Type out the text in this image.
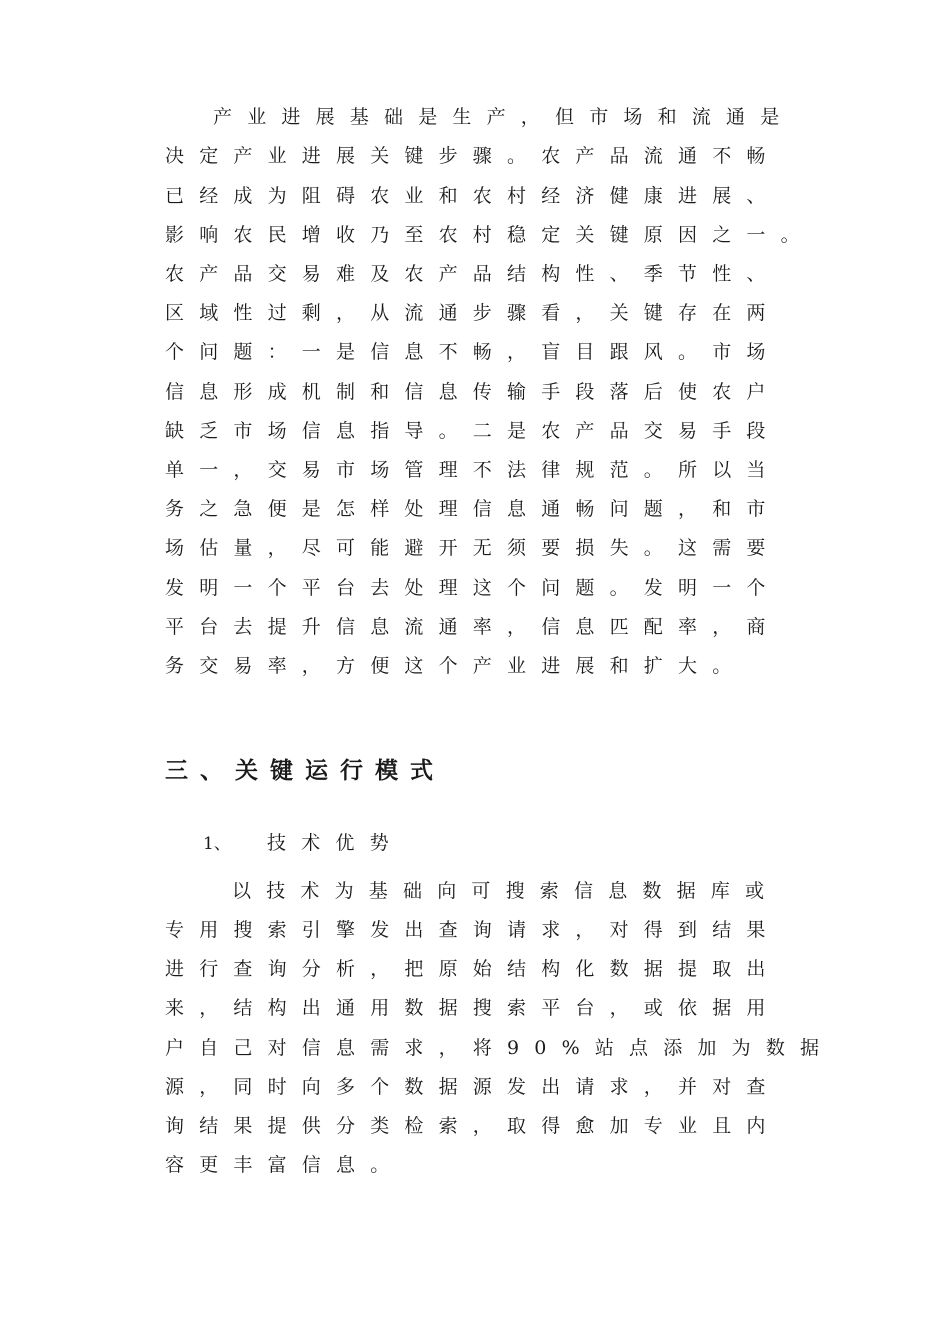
产业进展基础是生产，但市场和流通是
决定产业进展关键步骤。农产品流通不畅
已经成为阻碍农业和农村经济健康进展、
影响农民增收乃至农村稳定关键原因之一。
农产品交易难及农产品结构性、季节性、
区域性过剩，从流通步骤看，关键存在两
个问题：一是信息不畅，盲目跟风。市场
信息形成机制和信息传输手段落后使农户
缺乏市场信息指导。二是农产品交易手段
单一，交易市场管理不法律规范。所以当
务之急便是怎样处理信息通畅问题，和市
场估量，尽可能避开无须要损失。这需要
发明一个平台去处理这个问题。发明一个
平台去提升信息流通率，信息匹配率，商
务交易率，方便这个产业进展和扩大。
三、关键运行模式
1、 技术优势
以技术为基础向可搜索信息数据库或
专用搜索引擎发出查询请求，对得到结果
进行查询分析，把原始结构化数据提取出
来，结构出通用数据搜索平台，或依据用
户自己对信息需求，将90%站点添加为数据
源，同时向多个数据源发出请求，并对查
询结果提供分类检索，取得愈加专业且内
容更丰富信息。
